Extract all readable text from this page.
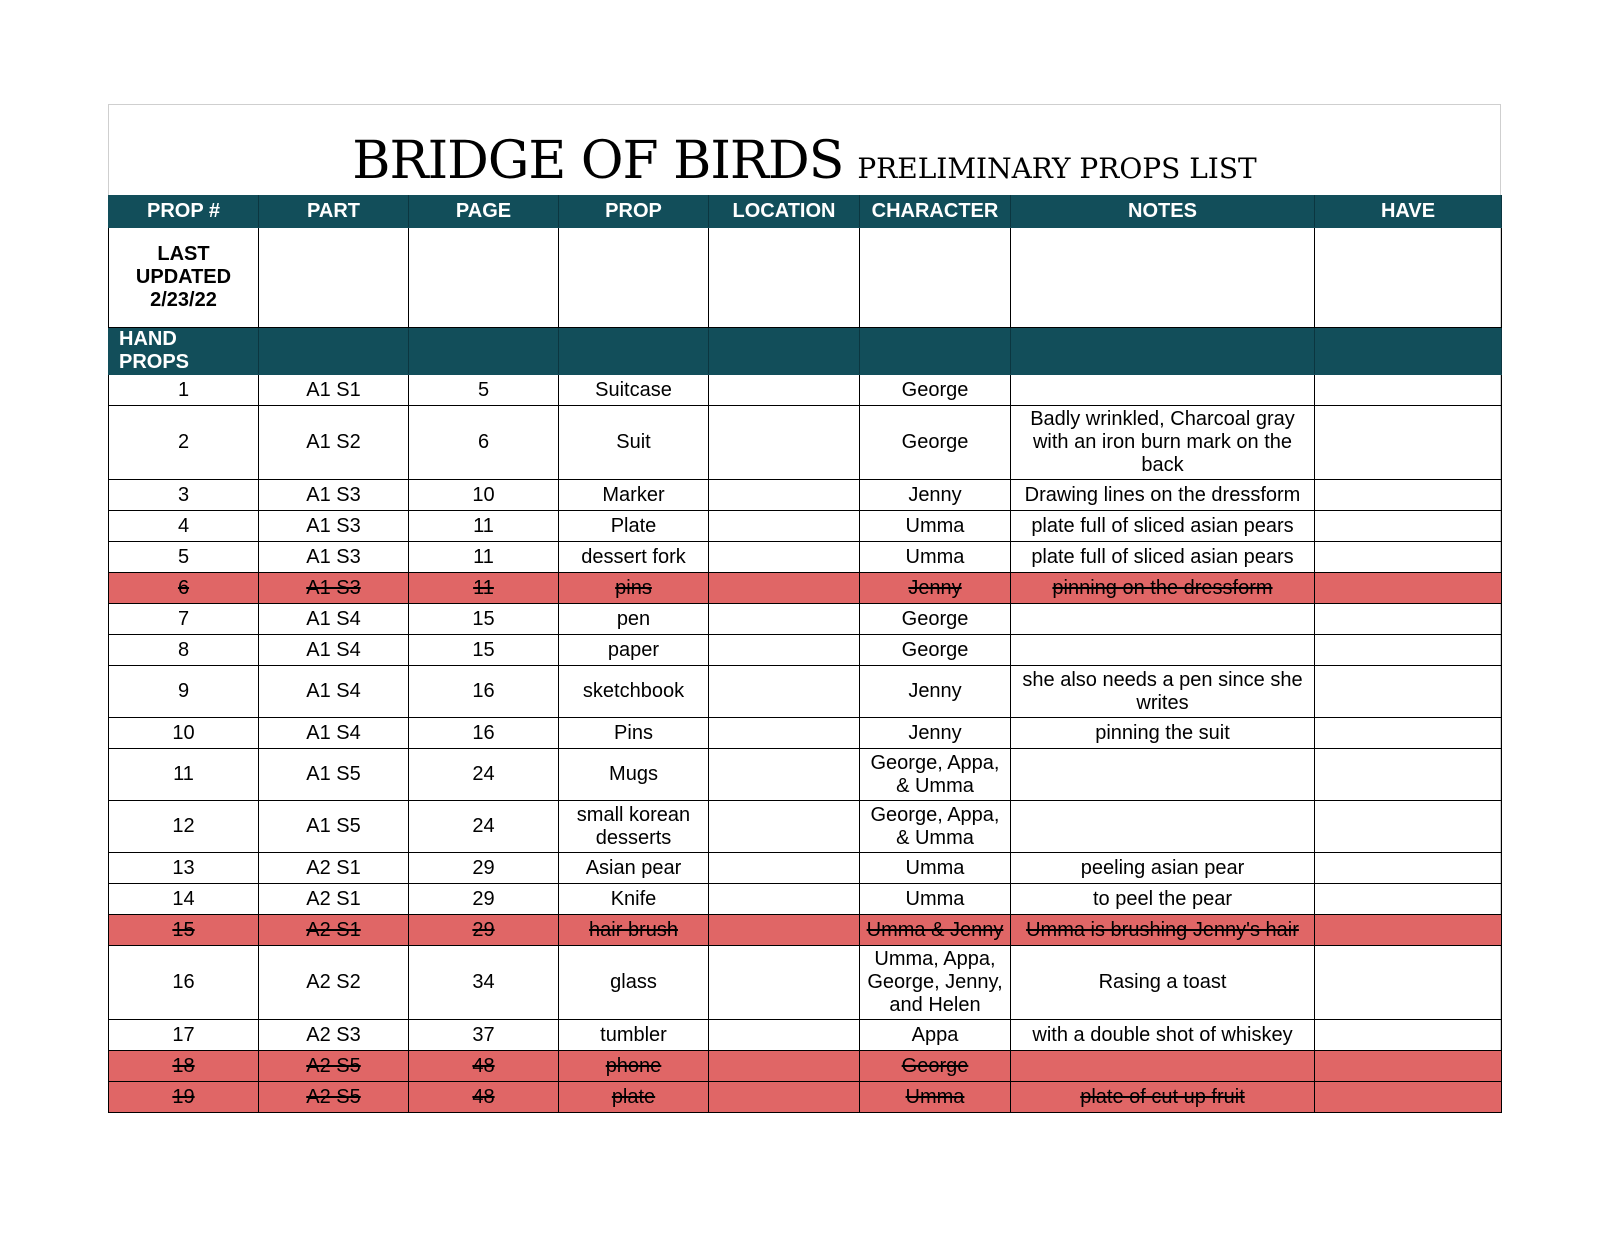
BRIDGE OF BIRDS PRELIMINARY PROPS LIST
PROP #	PART	PAGE	PROP	LOCATION	CHARACTER	NOTES	HAVE

LAST
UPDATED
2/23/22							

HAND PROPS							
1	A1 S1	5	Suitcase		George		
2	A1 S2	6	Suit		George	Badly wrinkled, Charcoal gray with an iron burn mark on the back	
3	A1 S3	10	Marker		Jenny	Drawing lines on the dressform	
4	A1 S3	11	Plate		Umma	plate full of sliced asian pears	
5	A1 S3	11	dessert fork		Umma	plate full of sliced asian pears	
6	A1 S3	11	pins		Jenny	pinning on the dressform	
7	A1 S4	15	pen		George		
8	A1 S4	15	paper		George		
9	A1 S4	16	sketchbook		Jenny	she also needs a pen since she writes	
10	A1 S4	16	Pins		Jenny	pinning the suit	
11	A1 S5	24	Mugs		George, Appa, & Umma		
12	A1 S5	24	small korean desserts		George, Appa, & Umma		
13	A2 S1	29	Asian pear		Umma	peeling asian pear	
14	A2 S1	29	Knife		Umma	to peel the pear	
15	A2 S1	29	hair brush		Umma & Jenny	Umma is brushing Jenny's hair	
16	A2 S2	34	glass		Umma, Appa, George, Jenny, and Helen	Rasing a toast	
17	A2 S3	37	tumbler		Appa	with a double shot of whiskey	
18	A2 S5	48	phone		George		
19	A2 S5	48	plate		Umma	plate of cut up fruit	
